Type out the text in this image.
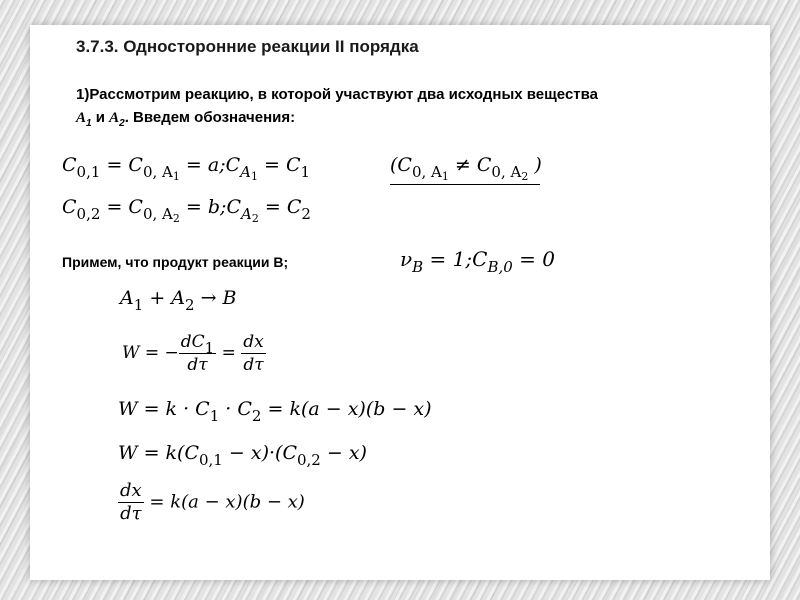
3.7.3. Односторонние реакции II порядка
1)Рассмотрим реакцию, в которой участвуют два исходных вещества
$A_1$ и $A_2$. Введем обозначения:
$C_{0,1} = C_{0, A_1}$ = $a;C_{A_1} = C_1$	($C_{0, A_1} \ne C_{0, A_2}$ )
$C_{0,2} = C_{0, A_2}$ = $b;C_{A_2} = C_2$
Примем, что продукт реакции B;	$\nu_B$ = $1;C_{B,0} = 0$
$A_1 + A_2 \to B$
W = − $\frac{dC_1}{d\tau} = \frac{dx}{d\tau}$
$W = k \cdot C_1 \cdot C_2 = k(a - x)(b - x)$
$W = k(C_{0,1} - x)\cdot(C_{0,2} - x)$
$\frac{dx}{d\tau} = k(a - x)(b - x)$
